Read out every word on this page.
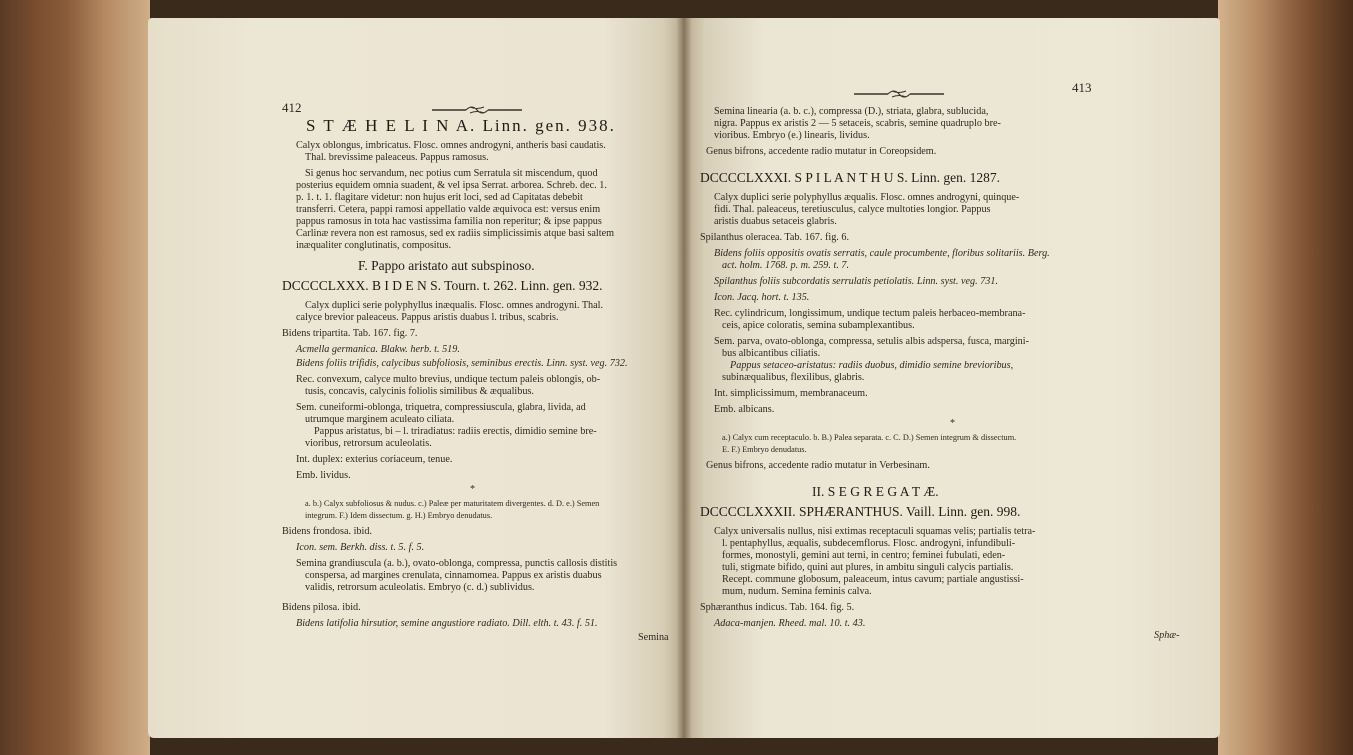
412
S T Æ H E L I N A. Linn. gen. 938.
Calyx oblongus, imbricatus. Flosc. omnes androgyni, antheris basi caudatis.
Thal. brevissime paleaceus. Pappus ramosus.
Si genus hoc servandum, nec potius cum Serratula sit miscendum, quod
posterius equidem omnia suadent, & vel ipsa Serrat. arborea. Schreb. dec. 1.
p. 1. t. 1. flagitare videtur: non hujus erit loci, sed ad Capitatas debebit
transferri. Cetera, pappi ramosi appellatio valde æquivoca est: versus enim
pappus ramosus in tota hac vastissima familia non reperitur; & ipse pappus
Carlinæ revera non est ramosus, sed ex radiis simplicissimis atque basi saltem
inæqualiter conglutinatis, compositus.
F. Pappo aristato aut subspinoso.
DCCCCLXXX. B I D E N S. Tourn. t. 262. Linn. gen. 932.
Calyx duplici serie polyphyllus inæqualis. Flosc. omnes androgyni. Thal.
calyce brevior paleaceus. Pappus aristis duabus l. tribus, scabris.
Bidens tripartita. Tab. 167. fig. 7.
Acmella germanica. Blakw. herb. t. 519.
Bidens foliis trifidis, calycibus subfoliosis, seminibus erectis. Linn. syst. veg. 732.
Rec. convexum, calyce multo brevius, undique tectum paleis oblongis, ob-
tusis, concavis, calycinis foliolis similibus & æqualibus.
Sem. cuneiformi-oblonga, triquetra, compressiuscula, glabra, livida, ad
utrumque marginem aculeato ciliata.
Pappus aristatus, bi – l. triradiatus: radiis erectis, dimidio semine bre-
vioribus, retrorsum aculeolatis.
Int. duplex: exterius coriaceum, tenue.
Emb. lividus.
*
a. b.) Calyx subfoliosus & nudus. c.) Paleæ per maturitatem divergentes. d. D. e.) Semen
integrum. F.) Idem dissectum. g. H.) Embryo denudatus.
Bidens frondosa. ibid.
Icon. sem. Berkh. diss. t. 5. f. 5.
Semina grandiuscula (a. b.), ovato-oblonga, compressa, punctis callosis distitis
conspersa, ad margines crenulata, cinnamomea. Pappus ex aristis duabus
validis, retrorsum aculeolatis. Embryo (c. d.) sublividus.
Bidens pilosa. ibid.
Bidens latifolia hirsutior, semine angustiore radiato. Dill. elth. t. 43. f. 51.
Semina
413
Semina linearia (a. b. c.), compressa (D.), striata, glabra, sublucida,
nigra. Pappus ex aristis 2 — 5 setaceis, scabris, semine quadruplo bre-
vioribus. Embryo (e.) linearis, lividus.
Genus bifrons, accedente radio mutatur in Coreopsidem.
DCCCCLXXXI. S P I L A N T H U S. Linn. gen. 1287.
Calyx duplici serie polyphyllus æqualis. Flosc. omnes androgyni, quinque-
fidi. Thal. paleaceus, teretiusculus, calyce multoties longior. Pappus
aristis duabus setaceis glabris.
Spilanthus oleracea. Tab. 167. fig. 6.
Bidens foliis oppositis ovatis serratis, caule procumbente, floribus solitariis. Berg.
act. holm. 1768. p. m. 259. t. 7.
Spilanthus foliis subcordatis serrulatis petiolatis. Linn. syst. veg. 731.
Icon. Jacq. hort. t. 135.
Rec. cylindricum, longissimum, undique tectum paleis herbaceo-membrana-
ceis, apice coloratis, semina subamplexantibus.
Sem. parva, ovato-oblonga, compressa, setulis albis adspersa, fusca, margini-
bus albicantibus ciliatis.
Pappus setaceo-aristatus: radiis duobus, dimidio semine brevioribus,
subinæqualibus, flexilibus, glabris.
Int. simplicissimum, membranaceum.
Emb. albicans.
*
a.) Calyx cum receptaculo. b. B.) Palea separata. c. C. D.) Semen integrum & dissectum.
E. F.) Embryo denudatus.
Genus bifrons, accedente radio mutatur in Verbesinam.
II. S E G R E G A T Æ.
DCCCCLXXXII. SPHÆRANTHUS. Vaill. Linn. gen. 998.
Calyx universalis nullus, nisi extimas receptaculi squamas velis; partialis tetra-
l. pentaphyllus, æqualis, subdecemflorus. Flosc. androgyni, infundibuli-
formes, monostyli, gemini aut terni, in centro; feminei fubulati, eden-
tuli, stigmate bifido, quini aut plures, in ambitu singuli calycis partialis.
Recept. commune globosum, paleaceum, intus cavum; partiale angustissi-
mum, nudum. Semina feminis calva.
Sphæranthus indicus. Tab. 164. fig. 5.
Adaca-manjen. Rheed. mal. 10. t. 43.
Sphæ-
